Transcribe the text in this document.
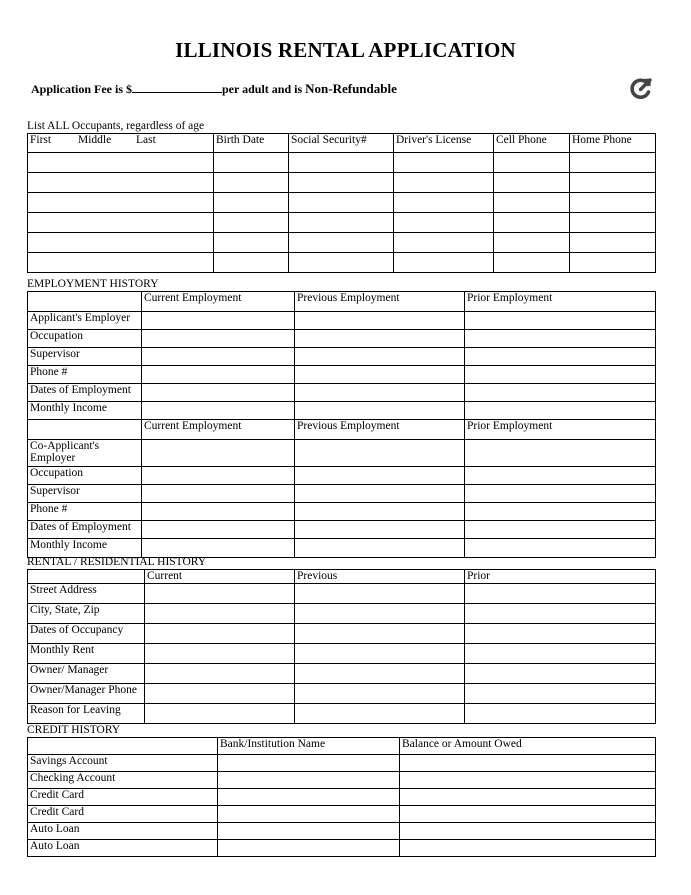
ILLINOIS RENTAL APPLICATION
Application Fee is $	per adult and is Non-Refundable
List ALL Occupants, regardless of age
First Middle Last	Birth Date	Social Security#	Driver's License	Cell Phone	Home Phone

EMPLOYMENT HISTORY
	Current Employment	Previous Employment	Prior Employment
Applicant's Employer			
Occupation			
Supervisor			
Phone #			
Dates of Employment			
Monthly Income			
	Current Employment	Previous Employment	Prior Employment
Co-Applicant's Employer			
Occupation			
Supervisor			
Phone #			
Dates of Employment			
Monthly Income			
RENTAL / RESIDENTIAL HISTORY
	Current	Previous	Prior
Street Address			
City, State, Zip			
Dates of Occupancy			
Monthly Rent			
Owner/ Manager			
Owner/Manager Phone			
Reason for Leaving			
CREDIT HISTORY
	Bank/Institution Name	Balance or Amount Owed
Savings Account		
Checking Account		
Credit Card		
Credit Card		
Auto Loan		
Auto Loan		
